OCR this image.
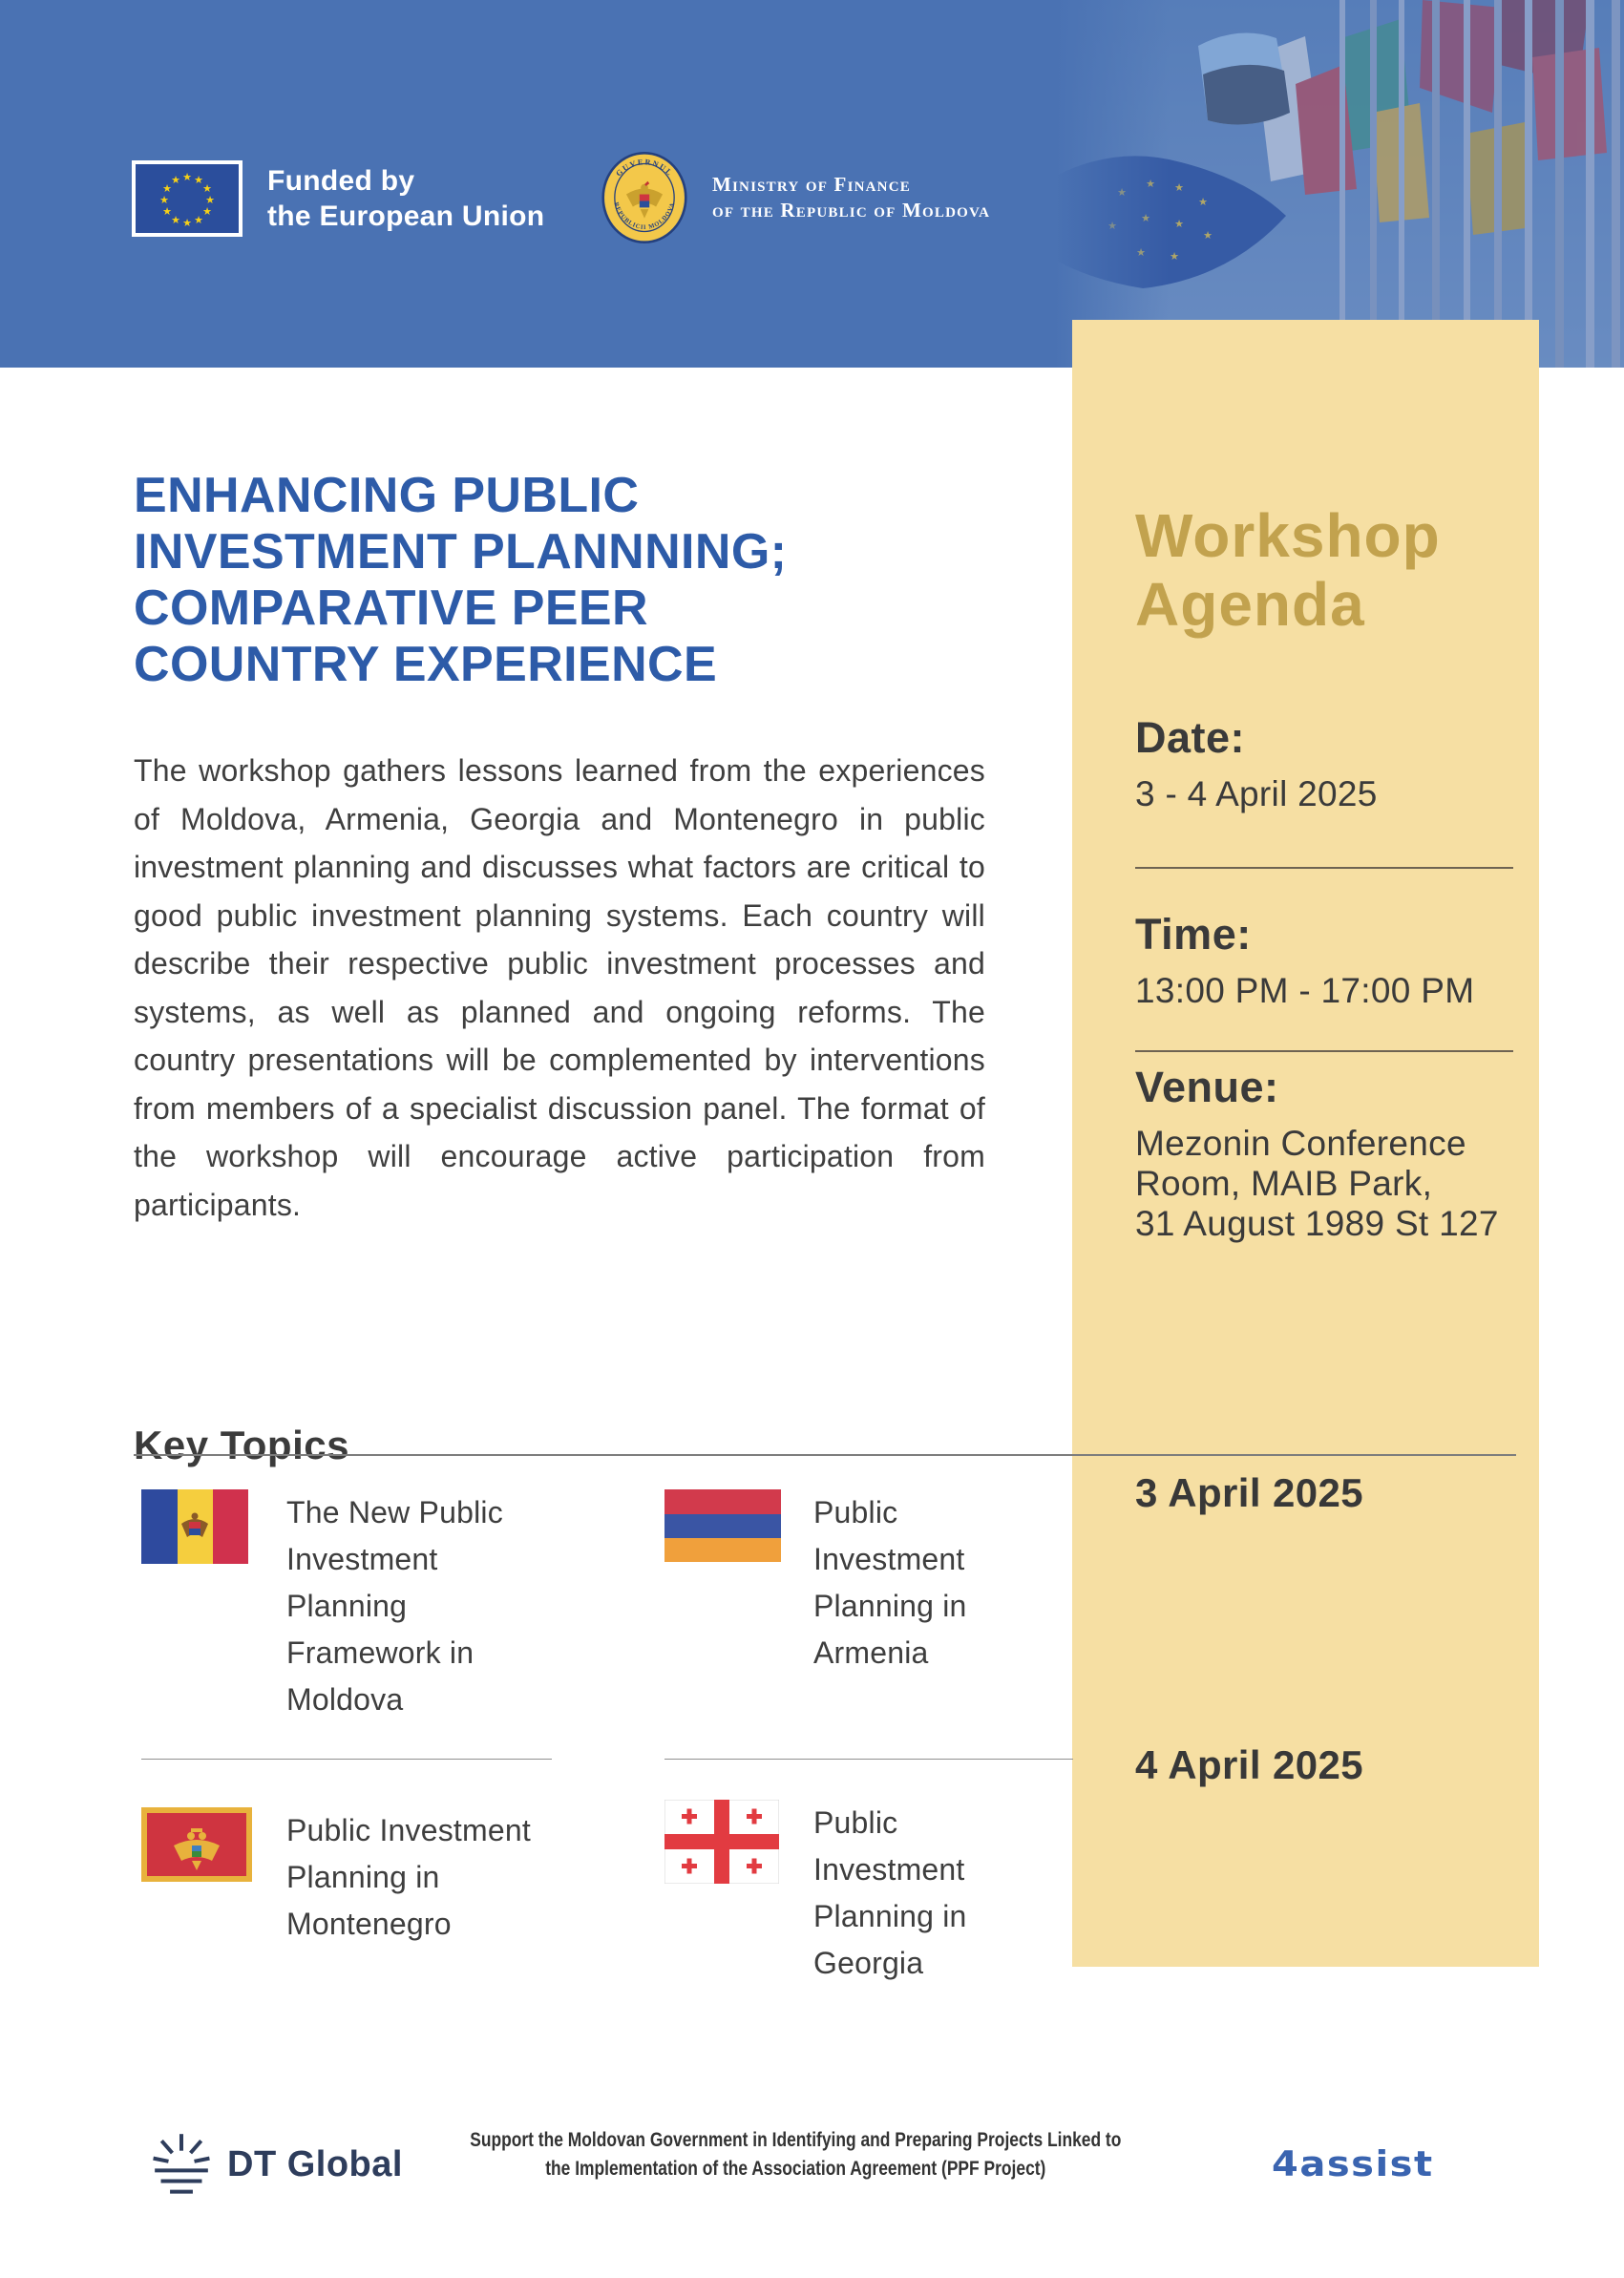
★
★
★
★
★
★ ★
★
★
★
★
★
★
★
★
★
★	Funded by
the European Union
GUVERNUL
REPUBLICII MOLDOVA
Ministry of Finance
of the Republic of Moldova
Workshop
Agenda
Date:
3 - 4 April 2025
Time:
13:00 PM - 17:00 PM
Venue:
Mezonin Conference
Room, MAIB Park,
31 August 1989 St 127
3 April 2025
4 April 2025
ENHANCING PUBLIC
INVESTMENT PLANNNING;
COMPARATIVE PEER
COUNTRY EXPERIENCE

The workshop gathers lessons learned from the experiences of Moldova, Armenia, Georgia and Montenegro in public investment planning and discusses what factors are critical to good public investment planning systems. Each country will describe their respective public investment processes and systems, as well as planned and ongoing reforms. The country presentations will be complemented by interventions from members of a specialist discussion panel. The format of the workshop will encourage active participation from participants.

Key Topics
The New Public Investment Planning Framework in Moldova
Public Investment Planning in Armenia
Public Investment Planning in Montenegro
Public Investment Planning in Georgia
DT Global
Support the Moldovan Government in Identifying and Preparing Projects Linked to the Implementation of the Association Agreement (PPF Project)	4assist
